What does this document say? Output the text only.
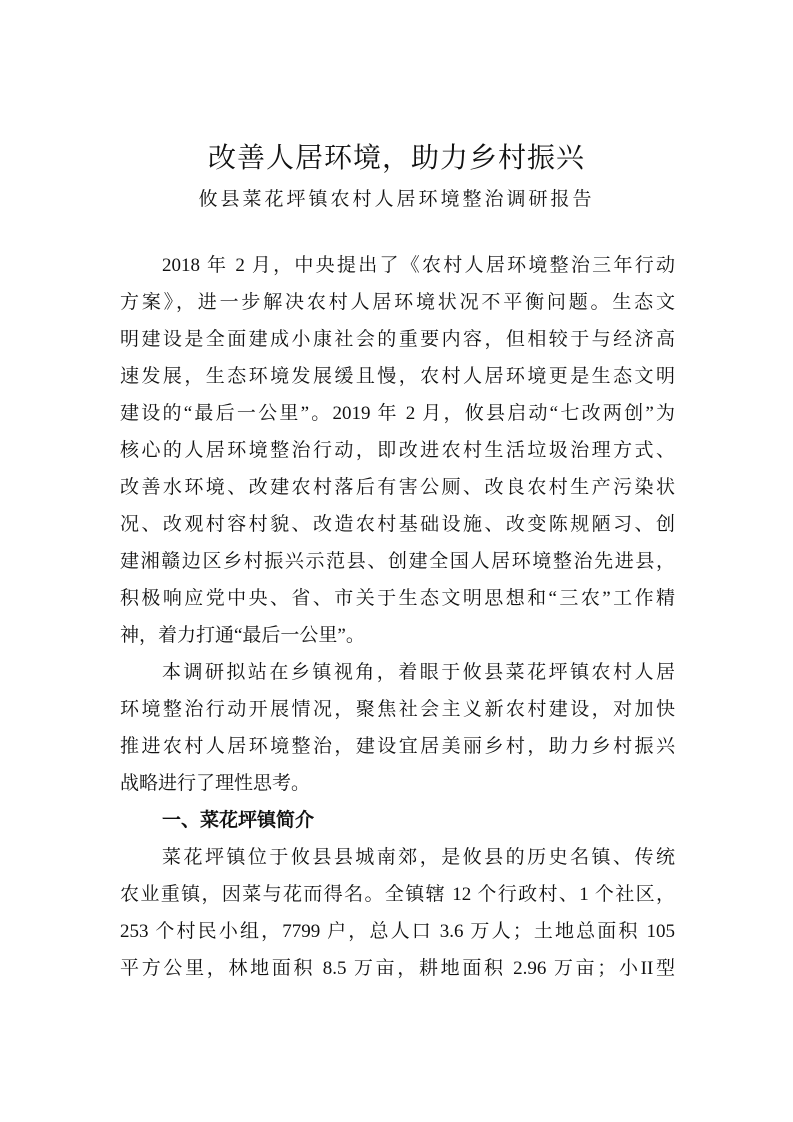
改善人居环境，助力乡村振兴
攸县菜花坪镇农村人居环境整治调研报告
2018 年 2 月，中央提出了《农村人居环境整治三年行动
方案》，进一步解决农村人居环境状况不平衡问题。生态文
明建设是全面建成小康社会的重要内容，但相较于与经济高
速发展，生态环境发展缓且慢，农村人居环境更是生态文明
建设的“最后一公里”。2019 年 2 月，攸县启动“七改两创”为
核心的人居环境整治行动，即改进农村生活垃圾治理方式、
改善水环境、改建农村落后有害公厕、改良农村生产污染状
况、改观村容村貌、改造农村基础设施、改变陈规陋习、创
建湘赣边区乡村振兴示范县、创建全国人居环境整治先进县，
积极响应党中央、省、市关于生态文明思想和“三农”工作精
神，着力打通“最后一公里”。
本调研拟站在乡镇视角，着眼于攸县菜花坪镇农村人居
环境整治行动开展情况，聚焦社会主义新农村建设，对加快
推进农村人居环境整治，建设宜居美丽乡村，助力乡村振兴
战略进行了理性思考。
一、菜花坪镇简介
菜花坪镇位于攸县县城南郊，是攸县的历史名镇、传统
农业重镇，因菜与花而得名。全镇辖 12 个行政村、1 个社区，
253 个村民小组，7799 户，总人口 3.6 万人；土地总面积 105
平方公里，林地面积 8.5 万亩，耕地面积 2.96 万亩；小II型
